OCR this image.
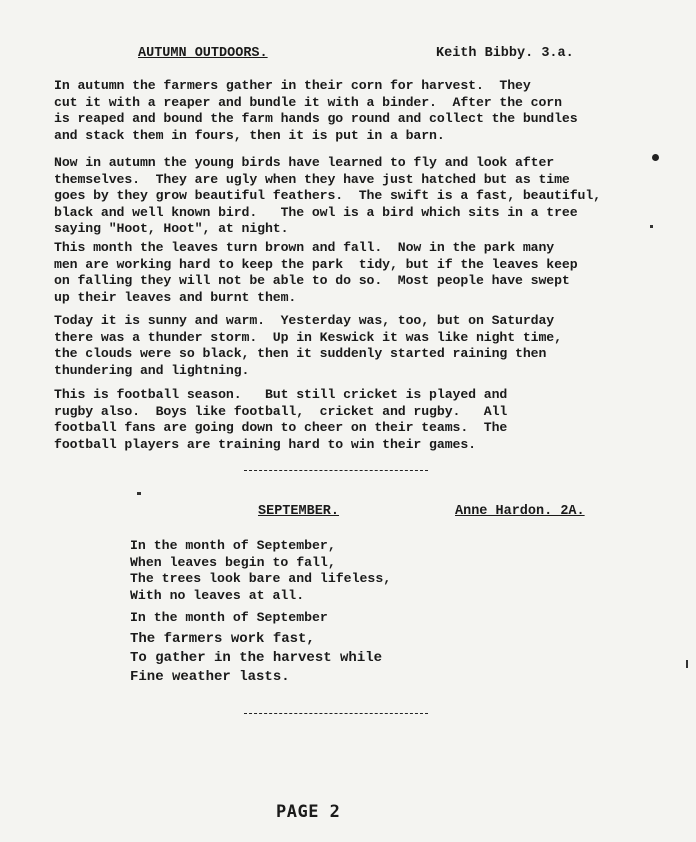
AUTUMN OUTDOORS.	Keith Bibby. 3.a.
In autumn the farmers gather in their corn for harvest.  They
cut it with a reaper and bundle it with a binder.  After the corn
is reaped and bound the farm hands go round and collect the bundles
and stack them in fours, then it is put in a barn.
Now in autumn the young birds have learned to fly and look after
themselves.  They are ugly when they have just hatched but as time
goes by they grow beautiful feathers.  The swift is a fast, beautiful,
black and well known bird.   The owl is a bird which sits in a tree
saying "Hoot, Hoot", at night.
This month the leaves turn brown and fall.  Now in the park many
men are working hard to keep the park  tidy, but if the leaves keep
on falling they will not be able to do so.  Most people have swept
up their leaves and burnt them.
Today it is sunny and warm.  Yesterday was, too, but on Saturday
there was a thunder storm.  Up in Keswick it was like night time,
the clouds were so black, then it suddenly started raining then
thundering and lightning.
This is football season.   But still cricket is played and
rugby also.  Boys like football,  cricket and rugby.   All
football fans are going down to cheer on their teams.  The
football players are training hard to win their games.
SEPTEMBER.	Anne Hardon. 2A.
In the month of September,
When leaves begin to fall,
The trees look bare and lifeless,
With no leaves at all.
In the month of September
The farmers work fast,
To gather in the harvest while
Fine weather lasts.
PAGE 2
